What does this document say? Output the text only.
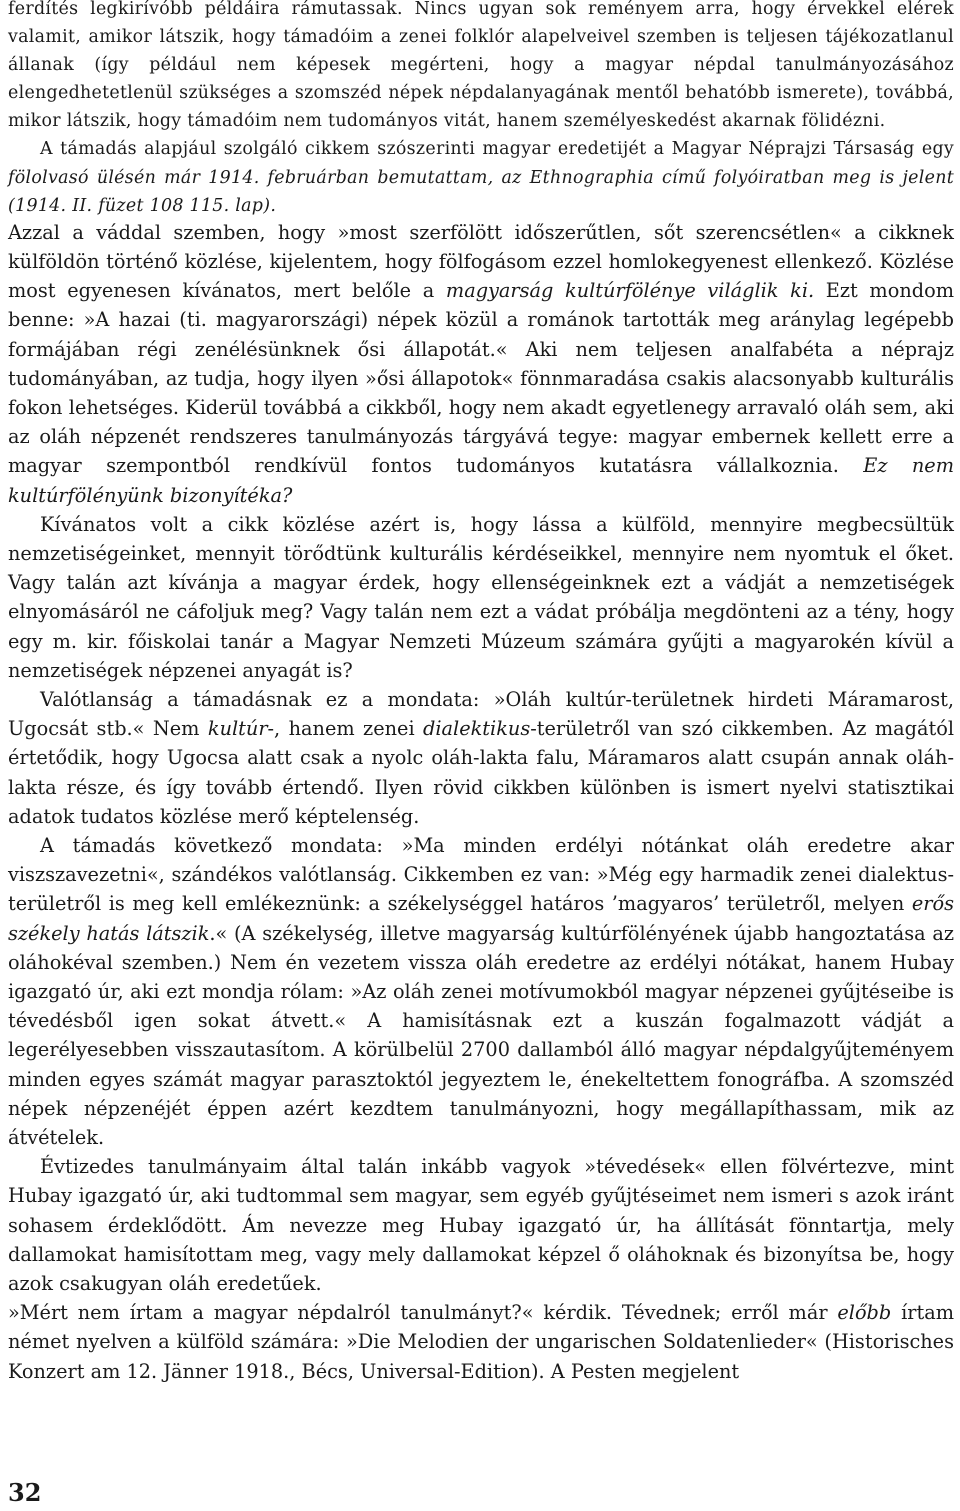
ferdítés legkirívóbb példáira rámutassak. Nincs ugyan sok reményem arra, hogy érvekkel elérek valamit, amikor látszik, hogy támadóim a zenei folklór alapelveivel szemben is teljesen tájékozatlanul állanak (így például nem képesek megérteni, hogy a magyar népdal tanulmányozásához elengedhetetlenül szükséges a szomszéd népek népdalanyagának mentől behatóbb ismerete), továbbá, mikor látszik, hogy támadóim nem tudományos vitát, hanem személyeskedést akarnak fölidézni.

A támadás alapjául szolgáló cikkem szószerinti magyar eredetijét a Magyar Néprajzi Társaság egy fölolvasó ülésén már 1914. februárban bemutattam, az Ethnographia című folyóiratban meg is jelent (1914. II. füzet 108 115. lap).

Azzal a váddal szemben, hogy »most szerfölött időszerűtlen, sőt szerencsétlen« a cikknek külföldön történő közlése, kijelentem, hogy fölfogásom ezzel homlokegyenest ellenkező. Közlése most egyenesen kívánatos, mert belőle a magyarság kultúrfölénye világlik ki. Ezt mondom benne: »A hazai (ti. magyarországi) népek közül a románok tartották meg aránylag legépebb formájában régi zenélésünknek ősi állapotát.« Aki nem teljesen analfabéta a néprajz tudományában, az tudja, hogy ilyen »ősi állapotok« fönnmaradása csakis alacsonyabb kulturális fokon lehetséges. Kiderül továbbá a cikkből, hogy nem akadt egyetlenegy arravaló oláh sem, aki az oláh népzenét rendszeres tanulmányozás tárgyává tegye: magyar embernek kellett erre a magyar szempontból rendkívül fontos tudományos kutatásra vállalkoznia. Ez nem kultúrfölényünk bizonyítéka?

Kívánatos volt a cikk közlése azért is, hogy lássa a külföld, mennyire megbecsültük nemzetiségeinket, mennyit törődtünk kulturális kérdéseikkel, mennyire nem nyomtuk el őket. Vagy talán azt kívánja a magyar érdek, hogy ellenségeinknek ezt a vádját a nemzetiségek elnyomásáról ne cáfoljuk meg? Vagy talán nem ezt a vádat próbálja megdönteni az a tény, hogy egy m. kir. főiskolai tanár a Magyar Nemzeti Múzeum számára gyűjti a magyarokén kívül a nemzetiségek népzenei anyagát is?

Valótlanság a támadásnak ez a mondata: »Oláh kultúr-területnek hirdeti Máramarost, Ugocsát stb.« Nem kultúr-, hanem zenei dialektikus-területről van szó cikkemben. Az magától értetődik, hogy Ugocsa alatt csak a nyolc oláh-lakta falu, Máramaros alatt csupán annak oláh-lakta része, és így tovább értendő. Ilyen rövid cikkben különben is ismert nyelvi statisztikai adatok tudatos közlése merő képtelenség.

A támadás következő mondata: »Ma minden erdélyi nótánkat oláh eredetre akar viszszavezetni«, szándékos valótlanság. Cikkemben ez van: »Még egy harmadik zenei dialektus-területről is meg kell emlékeznünk: a székelységgel határos ’magyaros’ területről, melyen erős székely hatás látszik.« (A székelység, illetve magyarság kultúrfölényének újabb hangoztatása az oláhokéval szemben.) Nem én vezetem vissza oláh eredetre az erdélyi nótákat, hanem Hubay igazgató úr, aki ezt mondja rólam: »Az oláh zenei motívumokból magyar népzenei gyűjtéseibe is tévedésből igen sokat átvett.« A hamisításnak ezt a kuszán fogalmazott vádját a legerélyesebben visszautasítom. A körülbelül 2700 dallamból álló magyar népdalgyűjteményem minden egyes számát magyar parasztoktól jegyeztem le, énekeltettem fonográfba. A szomszéd népek népzenéjét éppen azért kezdtem tanulmányozni, hogy megállapíthassam, mik az átvételek.

Évtizedes tanulmányaim által talán inkább vagyok »tévedések« ellen fölvértezve, mint Hubay igazgató úr, aki tudtommal sem magyar, sem egyéb gyűjtéseimet nem ismeri s azok iránt sohasem érdeklődött. Ám nevezze meg Hubay igazgató úr, ha állítását fönntartja, mely dallamokat hamisítottam meg, vagy mely dallamokat képzel ő oláhoknak és bizonyítsa be, hogy azok csakugyan oláh eredetűek.

»Mért nem írtam a magyar népdalról tanulmányt?« kérdik. Tévednek; erről már előbb írtam német nyelven a külföld számára: »Die Melodien der ungarischen Soldatenlieder« (Historisches Konzert am 12. Jänner 1918., Bécs, Universal-Edition). A Pesten megjelent

32
